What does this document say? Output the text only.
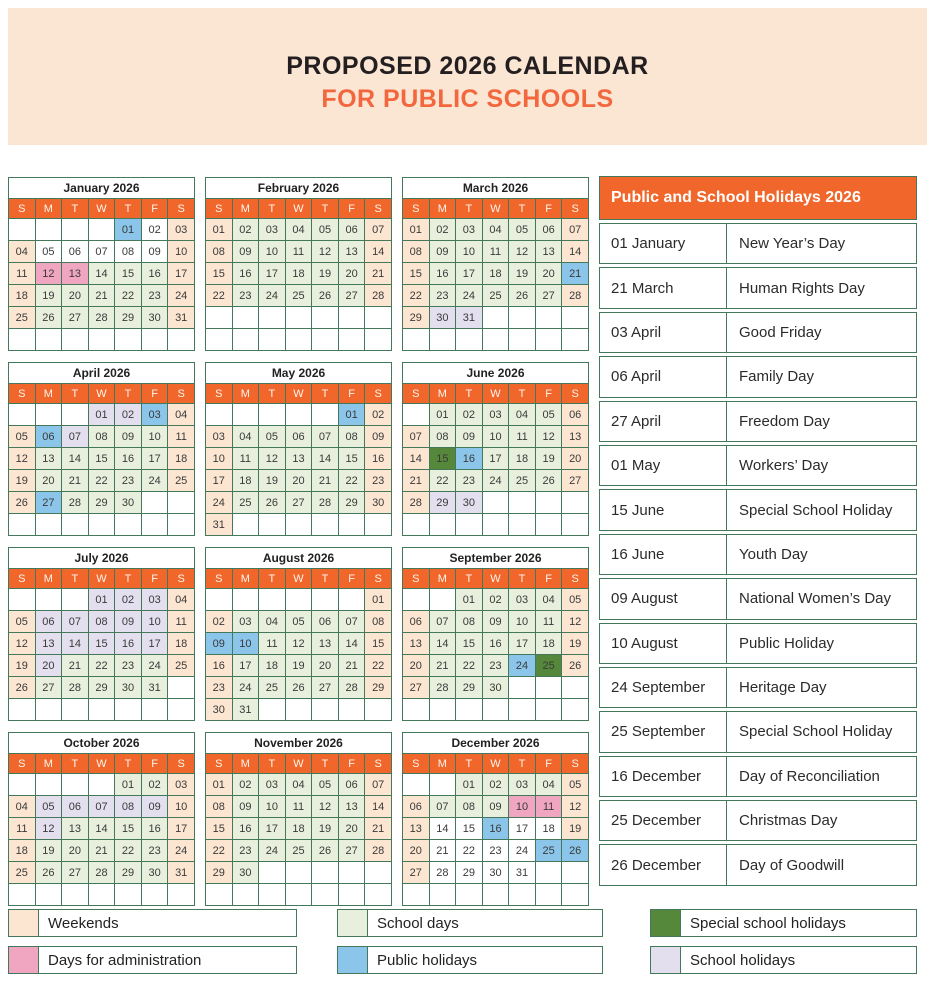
PROPOSED 2026 CALENDAR
FOR PUBLIC SCHOOLS
January 2026						
S	M	T	W	T	F	S
				01	02	03
04	05	06	07	08	09	10
11	12	13	14	15	16	17
18	19	20	21	22	23	24
25	26	27	28	29	30	31

February 2026						
S	M	T	W	T	F	S
01	02	03	04	05	06	07
08	09	10	11	12	13	14
15	16	17	18	19	20	21
22	23	24	25	26	27	28

March 2026						
S	M	T	W	T	F	S
01	02	03	04	05	06	07
08	09	10	11	12	13	14
15	16	17	18	19	20	21
22	23	24	25	26	27	28
29	30	31				

April 2026						
S	M	T	W	T	F	S
			01	02	03	04
05	06	07	08	09	10	11
12	13	14	15	16	17	18
19	20	21	22	23	24	25
26	27	28	29	30		

May 2026						
S	M	T	W	T	F	S
					01	02
03	04	05	06	07	08	09
10	11	12	13	14	15	16
17	18	19	20	21	22	23
24	25	26	27	28	29	30
31						
June 2026						
S	M	T	W	T	F	S
	01	02	03	04	05	06
07	08	09	10	11	12	13
14	15	16	17	18	19	20
21	22	23	24	25	26	27
28	29	30				

July 2026						
S	M	T	W	T	F	S
			01	02	03	04
05	06	07	08	09	10	11
12	13	14	15	16	17	18
19	20	21	22	23	24	25
26	27	28	29	30	31	

August 2026						
S	M	T	W	T	F	S
						01
02	03	04	05	06	07	08
09	10	11	12	13	14	15
16	17	18	19	20	21	22
23	24	25	26	27	28	29
30	31					
September 2026						
S	M	T	W	T	F	S
		01	02	03	04	05
06	07	08	09	10	11	12
13	14	15	16	17	18	19
20	21	22	23	24	25	26
27	28	29	30			

October 2026						
S	M	T	W	T	F	S
				01	02	03
04	05	06	07	08	09	10
11	12	13	14	15	16	17
18	19	20	21	22	23	24
25	26	27	28	29	30	31

November 2026						
S	M	T	W	T	F	S
01	02	03	04	05	06	07
08	09	10	11	12	13	14
15	16	17	18	19	20	21
22	23	24	25	26	27	28
29	30					

December 2026						
S	M	T	W	T	F	S
		01	02	03	04	05
06	07	08	09	10	11	12
13	14	15	16	17	18	19
20	21	22	23	24	25	26
27	28	29	30	31		

Public and School Holidays 2026
01 January	New Year’s Day
21 March	Human Rights Day
03 April	Good Friday
06 April	Family Day
27 April	Freedom Day
01 May	Workers’ Day
15 June	Special School Holiday
16 June	Youth Day
09 August	National Women’s Day
10 August	Public Holiday
24 September	Heritage Day
25 September	Special School Holiday
16 December	Day of Reconciliation
25 December	Christmas Day
26 December	Day of Goodwill
Weekends	School days	Special school holidays
Days for administration	Public holidays	School holidays
